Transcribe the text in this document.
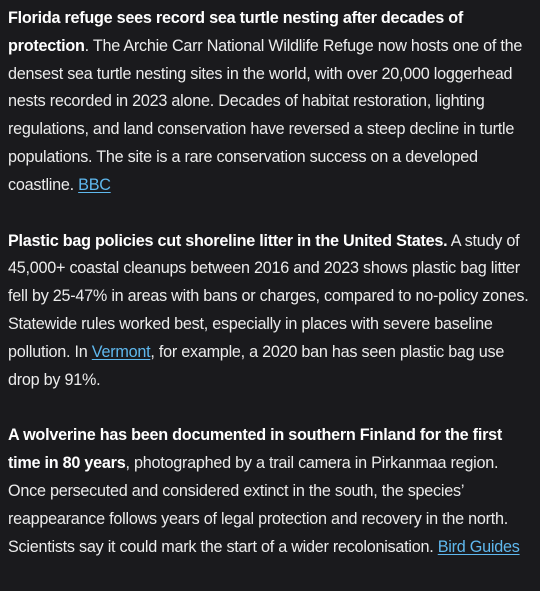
Florida refuge sees record sea turtle nesting after decades of protection. The Archie Carr National Wildlife Refuge now hosts one of the densest sea turtle nesting sites in the world, with over 20,000 loggerhead nests recorded in 2023 alone. Decades of habitat restoration, lighting regulations, and land conservation have reversed a steep decline in turtle populations. The site is a rare conservation success on a developed coastline. BBC

Plastic bag policies cut shoreline litter in the United States. A study of 45,000+ coastal cleanups between 2016 and 2023 shows plastic bag litter fell by 25-47% in areas with bans or charges, compared to no-policy zones. Statewide rules worked best, especially in places with severe baseline pollution. In Vermont, for example, a 2020 ban has seen plastic bag use drop by 91%.

A wolverine has been documented in southern Finland for the first time in 80 years, photographed by a trail camera in Pirkanmaa region. Once persecuted and considered extinct in the south, the species’ reappearance follows years of legal protection and recovery in the north. Scientists say it could mark the start of a wider recolonisation. Bird Guides
